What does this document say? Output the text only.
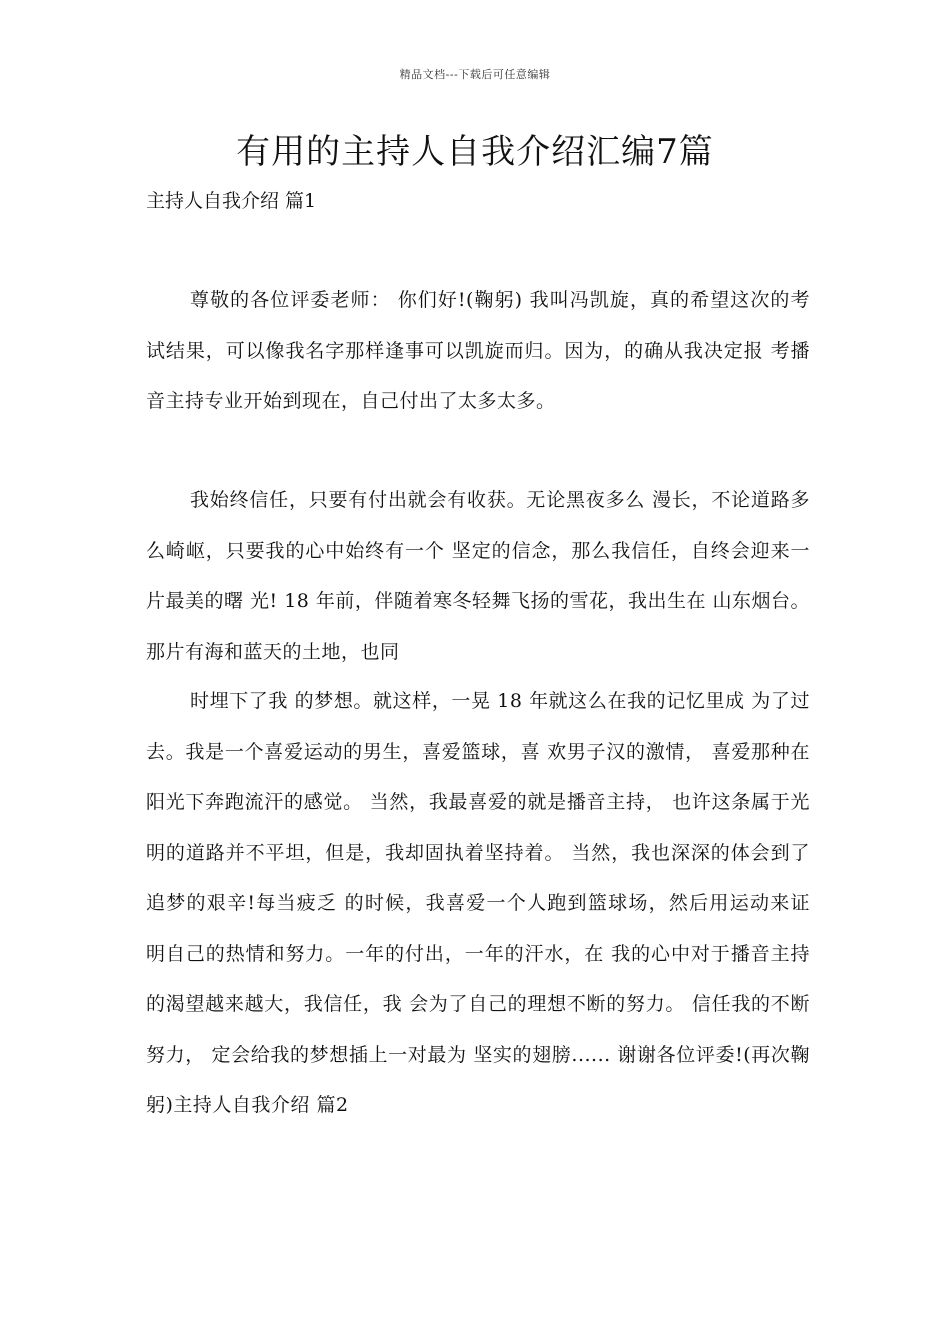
精品文档---下载后可任意编辑
有用的主持人自我介绍汇编7篇
主持人自我介绍 篇1

尊敬的各位评委老师： 你们好!(鞠躬) 我叫冯凯旋，真的希望这次的考试结果，可以像我名字那样逢事可以凯旋而归。因为，的确从我决定报 考播音主持专业开始到现在，自己付出了太多太多。

我始终信任，只要有付出就会有收获。无论黑夜多么 漫长，不论道路多么崎岖，只要我的心中始终有一个 坚定的信念，那么我信任，自终会迎来一片最美的曙 光! 18 年前，伴随着寒冬轻舞飞扬的雪花，我出生在 山东烟台。那片有海和蓝天的土地，也同

时埋下了我 的梦想。就这样，一晃 18 年就这么在我的记忆里成 为了过去。我是一个喜爱运动的男生，喜爱篮球，喜 欢男子汉的激情， 喜爱那种在阳光下奔跑流汗的感觉。 当然，我最喜爱的就是播音主持， 也许这条属于光明的道路并不平坦，但是，我却固执着坚持着。 当然，我也深深的体会到了追梦的艰辛!每当疲乏 的时候，我喜爱一个人跑到篮球场，然后用运动来证 明自己的热情和努力。一年的付出，一年的汗水，在 我的心中对于播音主持的渴望越来越大，我信任，我 会为了自己的理想不断的努力。 信任我的不断努力， 定会给我的梦想插上一对最为 坚实的翅膀...... 谢谢各位评委!(再次鞠躬)主持人自我介绍 篇2
